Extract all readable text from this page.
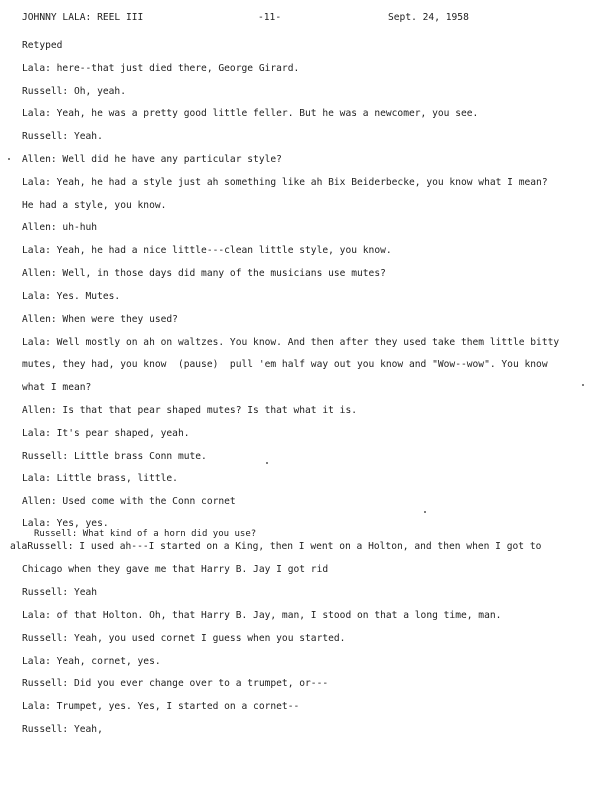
JOHNNY LALA: REEL III	-11-	Sept. 24, 1958
Retyped
Lala: here--that just died there, George Girard.
Russell: Oh, yeah.
Lala: Yeah, he was a pretty good little feller. But he was a newcomer, you see.
Russell: Yeah.
Allen: Well did he have any particular style?
Lala: Yeah, he had a style just ah something like ah Bix Beiderbecke, you know what I mean?
He had a style, you know.
Allen: uh-huh
Lala: Yeah, he had a nice little---clean little style, you know.
Allen: Well, in those days did many of the musicians use mutes?
Lala: Yes. Mutes.
Allen: When were they used?
Lala: Well mostly on ah on waltzes. You know. And then after they used take them little bitty
mutes, they had, you know  (pause)  pull 'em half way out you know and "Wow--wow". You know
what I mean?
Allen: Is that that pear shaped mutes? Is that what it is.
Lala: It's pear shaped, yeah.
Russell: Little brass Conn mute.
Lala: Little brass, little.
Allen: Used come with the Conn cornet
Lala: Yes, yes.
Russell: What kind of a horn did you use?
alaRussell: I used ah---I started on a King, then I went on a Holton, and then when I got to
Chicago when they gave me that Harry B. Jay I got rid
Russell: Yeah
Lala: of that Holton. Oh, that Harry B. Jay, man, I stood on that a long time, man.
Russell: Yeah, you used cornet I guess when you started.
Lala: Yeah, cornet, yes.
Russell: Did you ever change over to a trumpet, or---
Lala: Trumpet, yes. Yes, I started on a cornet--
Russell: Yeah,
